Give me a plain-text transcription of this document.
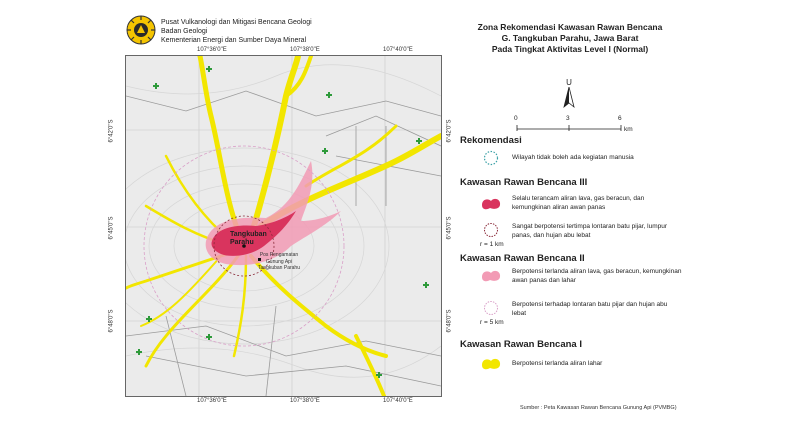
Pusat Vulkanologi dan Mitigasi Bencana Geologi
Badan Geologi
Kementerian Energi dan Sumber Daya Mineral
107°36'0"E	107°38'0"E	107°40'0"E
107°36'0"E	107°38'0"E	107°40'0"E
6°42'0"S
6°45'0"S
6°48'0"S
6°42'0"S
6°45'0"S
6°48'0"S
Tangkuban
Parahu
Pos Pengamatan
Gunung Api
Tangkuban Parahu
Zona Rekomendasi Kawasan Rawan Bencana
G. Tangkuban Parahu, Jawa Barat
Pada Tingkat Aktivitas Level I (Normal)
U
0	3	6
km
Rekomendasi
Wilayah tidak boleh ada kegiatan manusia
Kawasan Rawan Bencana III
Selalu terancam aliran lava, gas beracun, dan kemungkinan aliran awan panas
Sangat berpotensi tertimpa lontaran batu pijar, lumpur panas, dan hujan abu lebat
r = 1 km
Kawasan Rawan Bencana II
Berpotensi terlanda aliran lava, gas beracun, kemungkinan awan panas dan lahar
Berpotensi terhadap lontaran batu pijar dan hujan abu lebat
r = 5 km
Kawasan Rawan Bencana I
Berpotensi terlanda aliran lahar
Sumber : Peta Kawasan Rawan Bencana Gunung Api (PVMBG)
